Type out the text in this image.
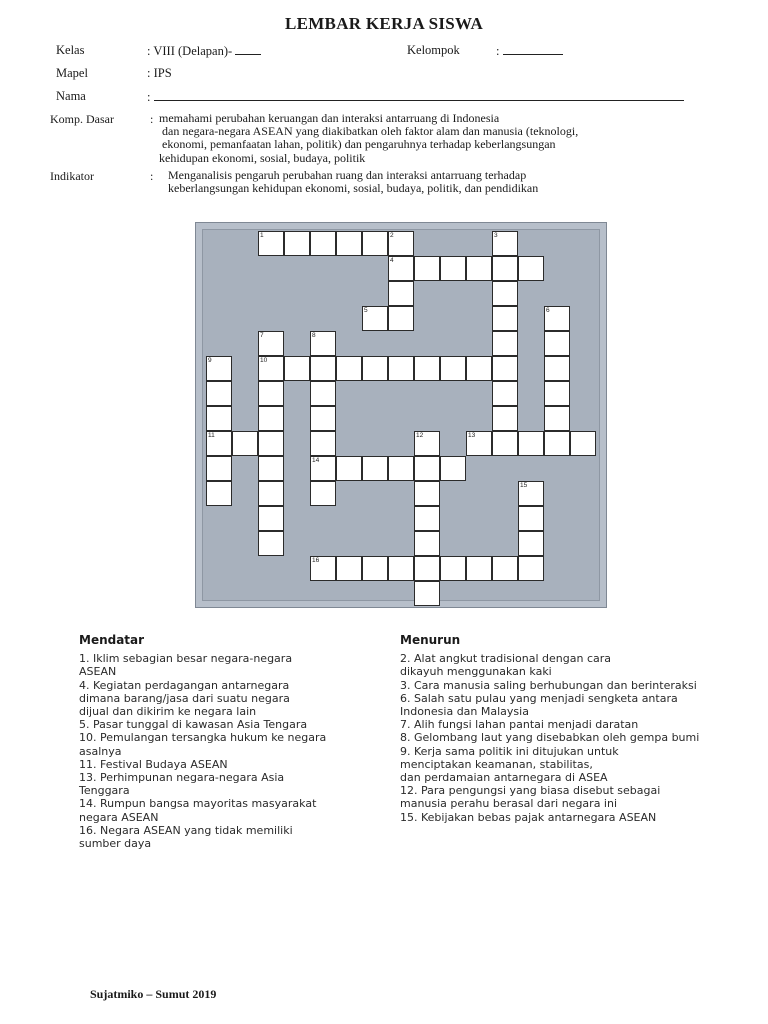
LEMBAR KERJA SISWA
Kelas	: VIII (Delapan)-	Kelompok	:
Mapel	: IPS
Nama	:
Komp. Dasar	: memahami perubahan keruangan dan interaksi antarruang di Indonesia
dan negara-negara ASEAN yang diakibatkan oleh faktor alam dan manusia (teknologi,
ekonomi, pemanfaatan lahan, politik) dan pengaruhnya terhadap keberlangsungan
kehidupan ekonomi, sosial, budaya, politik
Indikator	: Menganalisis pengaruh perubahan ruang dan interaksi antarruang terhadap
keberlangsungan kehidupan ekonomi, sosial, budaya, politik, dan pendidikan
1	2
4
3
5	6
7
10
8
14
9
11	12	13
15
16
Mendatar
1. Iklim sebagian besar negara-negara
ASEAN
4. Kegiatan perdagangan antarnegara
dimana barang/jasa dari suatu negara
dijual dan dikirim ke negara lain
5. Pasar tunggal di kawasan Asia Tengara
10. Pemulangan tersangka hukum ke negara
asalnya
11. Festival Budaya ASEAN
13. Perhimpunan negara-negara Asia
Tenggara
14. Rumpun bangsa mayoritas masyarakat
negara ASEAN
16. Negara ASEAN yang tidak memiliki
sumber daya
Menurun
2. Alat angkut tradisional dengan cara
dikayuh menggunakan kaki
3. Cara manusia saling berhubungan dan berinteraksi
6. Salah satu pulau yang menjadi sengketa antara
Indonesia dan Malaysia
7. Alih fungsi lahan pantai menjadi daratan
8. Gelombang laut yang disebabkan oleh gempa bumi
9. Kerja sama politik ini ditujukan untuk
menciptakan keamanan, stabilitas,
dan perdamaian antarnegara di ASEA
12. Para pengungsi yang biasa disebut sebagai
manusia perahu berasal dari negara ini
15. Kebijakan bebas pajak antarnegara ASEAN
Sujatmiko – Sumut 2019
